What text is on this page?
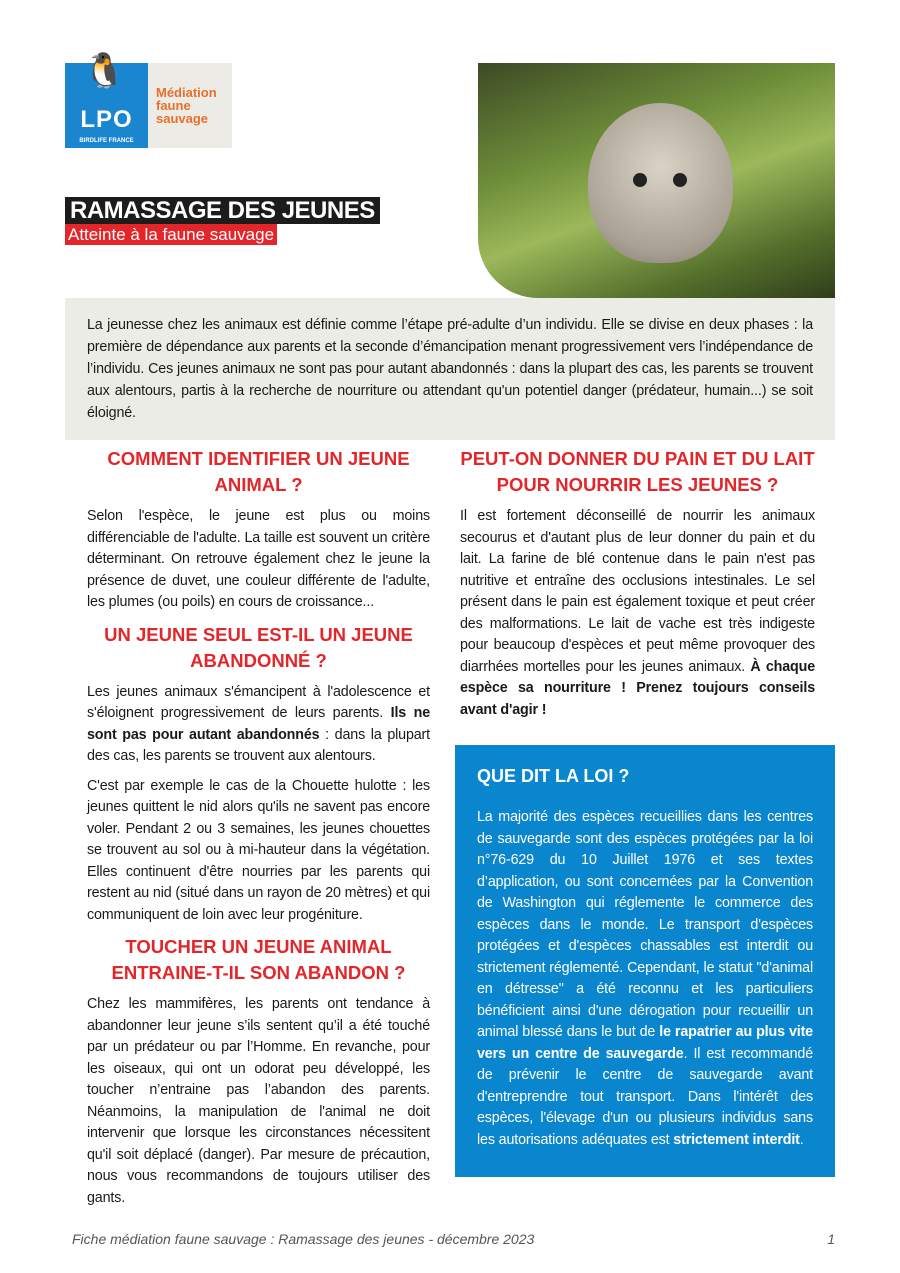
🐧
LPO
BIRDLIFE FRANCE
Médiation
faune
sauvage
RAMASSAGE DES JEUNES
Atteinte à la faune sauvage
La jeunesse chez les animaux est définie comme l’étape pré-adulte d’un individu. Elle se divise en deux phases : la première de dépendance aux parents et la seconde d’émancipation menant progressivement vers l’indépendance de l’individu. Ces jeunes animaux ne sont pas pour autant abandonnés : dans la plupart des cas, les parents se trouvent aux alentours, partis à la recherche de nourriture ou attendant qu'un potentiel danger (prédateur, humain...) se soit éloigné.
COMMENT IDENTIFIER UN JEUNE ANIMAL ?

Selon l'espèce, le jeune est plus ou moins différenciable de l'adulte. La taille est souvent un critère déterminant. On retrouve également chez le jeune la présence de duvet, une couleur différente de l'adulte, les plumes (ou poils) en cours de croissance...

UN JEUNE SEUL EST-IL UN JEUNE ABANDONNÉ ?

Les jeunes animaux s'émancipent à l'adolescence et s'éloignent progressivement de leurs parents. Ils ne sont pas pour autant abandonnés : dans la plupart des cas, les parents se trouvent aux alentours.

C'est par exemple le cas de la Chouette hulotte : les jeunes quittent le nid alors qu'ils ne savent pas encore voler. Pendant 2 ou 3 semaines, les jeunes chouettes se trouvent au sol ou à mi-hauteur dans la végétation. Elles continuent d'être nourries par les parents qui restent au nid (situé dans un rayon de 20 mètres) et qui communiquent de loin avec leur progéniture.

TOUCHER UN JEUNE ANIMAL ENTRAINE-T-IL SON ABANDON ?

Chez les mammifères, les parents ont tendance à abandonner leur jeune s’ils sentent qu’il a été touché par un prédateur ou par l’Homme. En revanche, pour les oiseaux, qui ont un odorat peu développé, les toucher n’entraine pas l’abandon des parents. Néanmoins, la manipulation de l'animal ne doit intervenir que lorsque les circonstances nécessitent qu'il soit déplacé (danger). Par mesure de précaution, nous vous recommandons de toujours utiliser des gants.

PEUT-ON DONNER DU PAIN ET DU LAIT POUR NOURRIR LES JEUNES ?

Il est fortement déconseillé de nourrir les animaux secourus et d'autant plus de leur donner du pain et du lait. La farine de blé contenue dans le pain n'est pas nutritive et entraîne des occlusions intestinales. Le sel présent dans le pain est également toxique et peut créer des malformations. Le lait de vache est très indigeste pour beaucoup d'espèces et peut même provoquer des diarrhées mortelles pour les jeunes animaux. À chaque espèce sa nourriture ! Prenez toujours conseils avant d'agir !

QUE DIT LA LOI ?

La majorité des espèces recueillies dans les centres de sauvegarde sont des espèces protégées par la loi n°76-629 du 10 Juillet 1976 et ses textes d’application, ou sont concernées par la Convention de Washington qui réglemente le commerce des espèces dans le monde. Le transport d'espèces protégées et d'espèces chassables est interdit ou strictement réglementé. Cependant, le statut "d'animal en détresse" a été reconnu et les particuliers bénéficient ainsi d'une dérogation pour recueillir un animal blessé dans le but de le rapatrier au plus vite vers un centre de sauvegarde. Il est recommandé de prévenir le centre de sauvegarde avant d'entreprendre tout transport. Dans l'intérêt des espèces, l'élevage d'un ou plusieurs individus sans les autorisations adéquates est strictement interdit.

Fiche médiation faune sauvage : Ramassage des jeunes - décembre 2023	1
